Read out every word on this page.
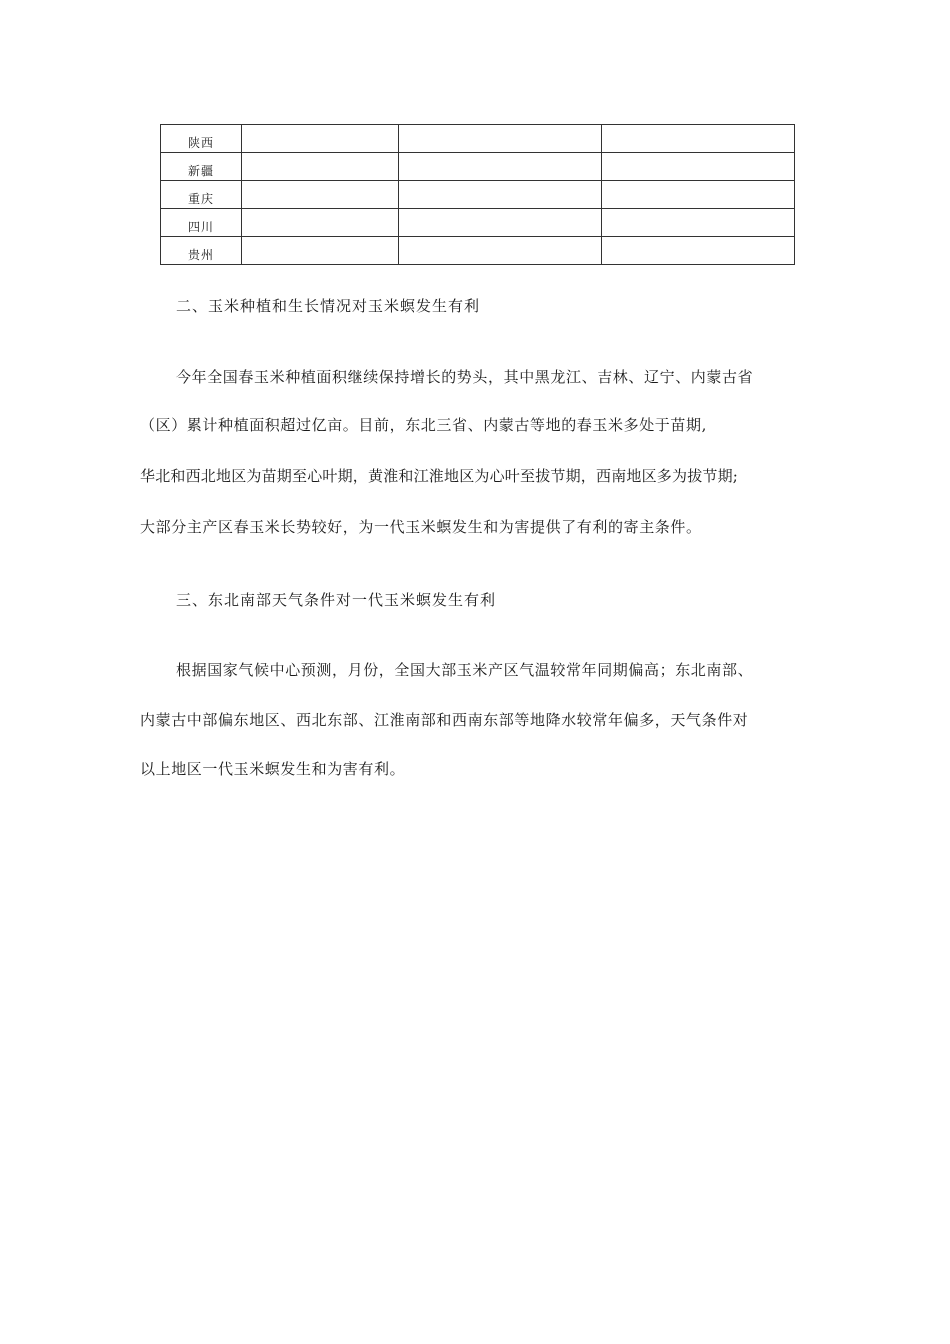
陕西			
新疆			
重庆			
四川			
贵州			
二、玉米种植和生长情况对玉米螟发生有利
今年全国春玉米种植面积继续保持增长的势头，其中黑龙江、吉林、辽宁、内蒙古省
（区）累计种植面积超过亿亩。目前，东北三省、内蒙古等地的春玉米多处于苗期,
华北和西北地区为苗期至心叶期，黄淮和江淮地区为心叶至拔节期，西南地区多为拔节期;
大部分主产区春玉米长势较好，为一代玉米螟发生和为害提供了有利的寄主条件。
三、东北南部天气条件对一代玉米螟发生有利
根据国家气候中心预测，月份，全国大部玉米产区气温较常年同期偏高；东北南部、
内蒙古中部偏东地区、西北东部、江淮南部和西南东部等地降水较常年偏多，天气条件对
以上地区一代玉米螟发生和为害有利。
